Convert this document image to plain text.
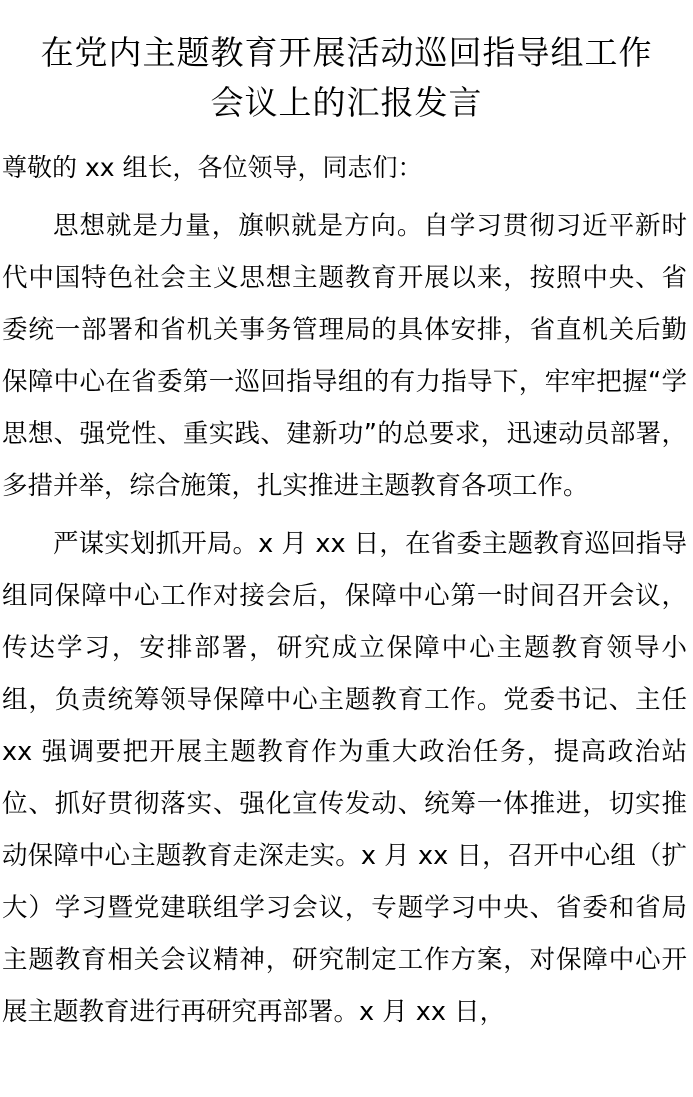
在党内主题教育开展活动巡回指导组工作
会议上的汇报发言

尊敬的 xx 组长，各位领导，同志们：

思想就是力量，旗帜就是方向。自学习贯彻习近平新时代中国特色社会主义思想主题教育开展以来，按照中央、省委统一部署和省机关事务管理局的具体安排，省直机关后勤保障中心在省委第一巡回指导组的有力指导下，牢牢把握“学思想、强党性、重实践、建新功”的总要求，迅速动员部署，多措并举，综合施策，扎实推进主题教育各项工作。

严谋实划抓开局。x 月 xx 日，在省委主题教育巡回指导组同保障中心工作对接会后，保障中心第一时间召开会议，传达学习，安排部署，研究成立保障中心主题教育领导小组，负责统筹领导保障中心主题教育工作。党委书记、主任 xx 强调要把开展主题教育作为重大政治任务，提高政治站位、抓好贯彻落实、强化宣传发动、统筹一体推进，切实推动保障中心主题教育走深走实。x 月 xx 日，召开中心组（扩大）学习暨党建联组学习会议，专题学习中央、省委和省局主题教育相关会议精神，研究制定工作方案，对保障中心开展主题教育进行再研究再部署。x 月 xx 日，
